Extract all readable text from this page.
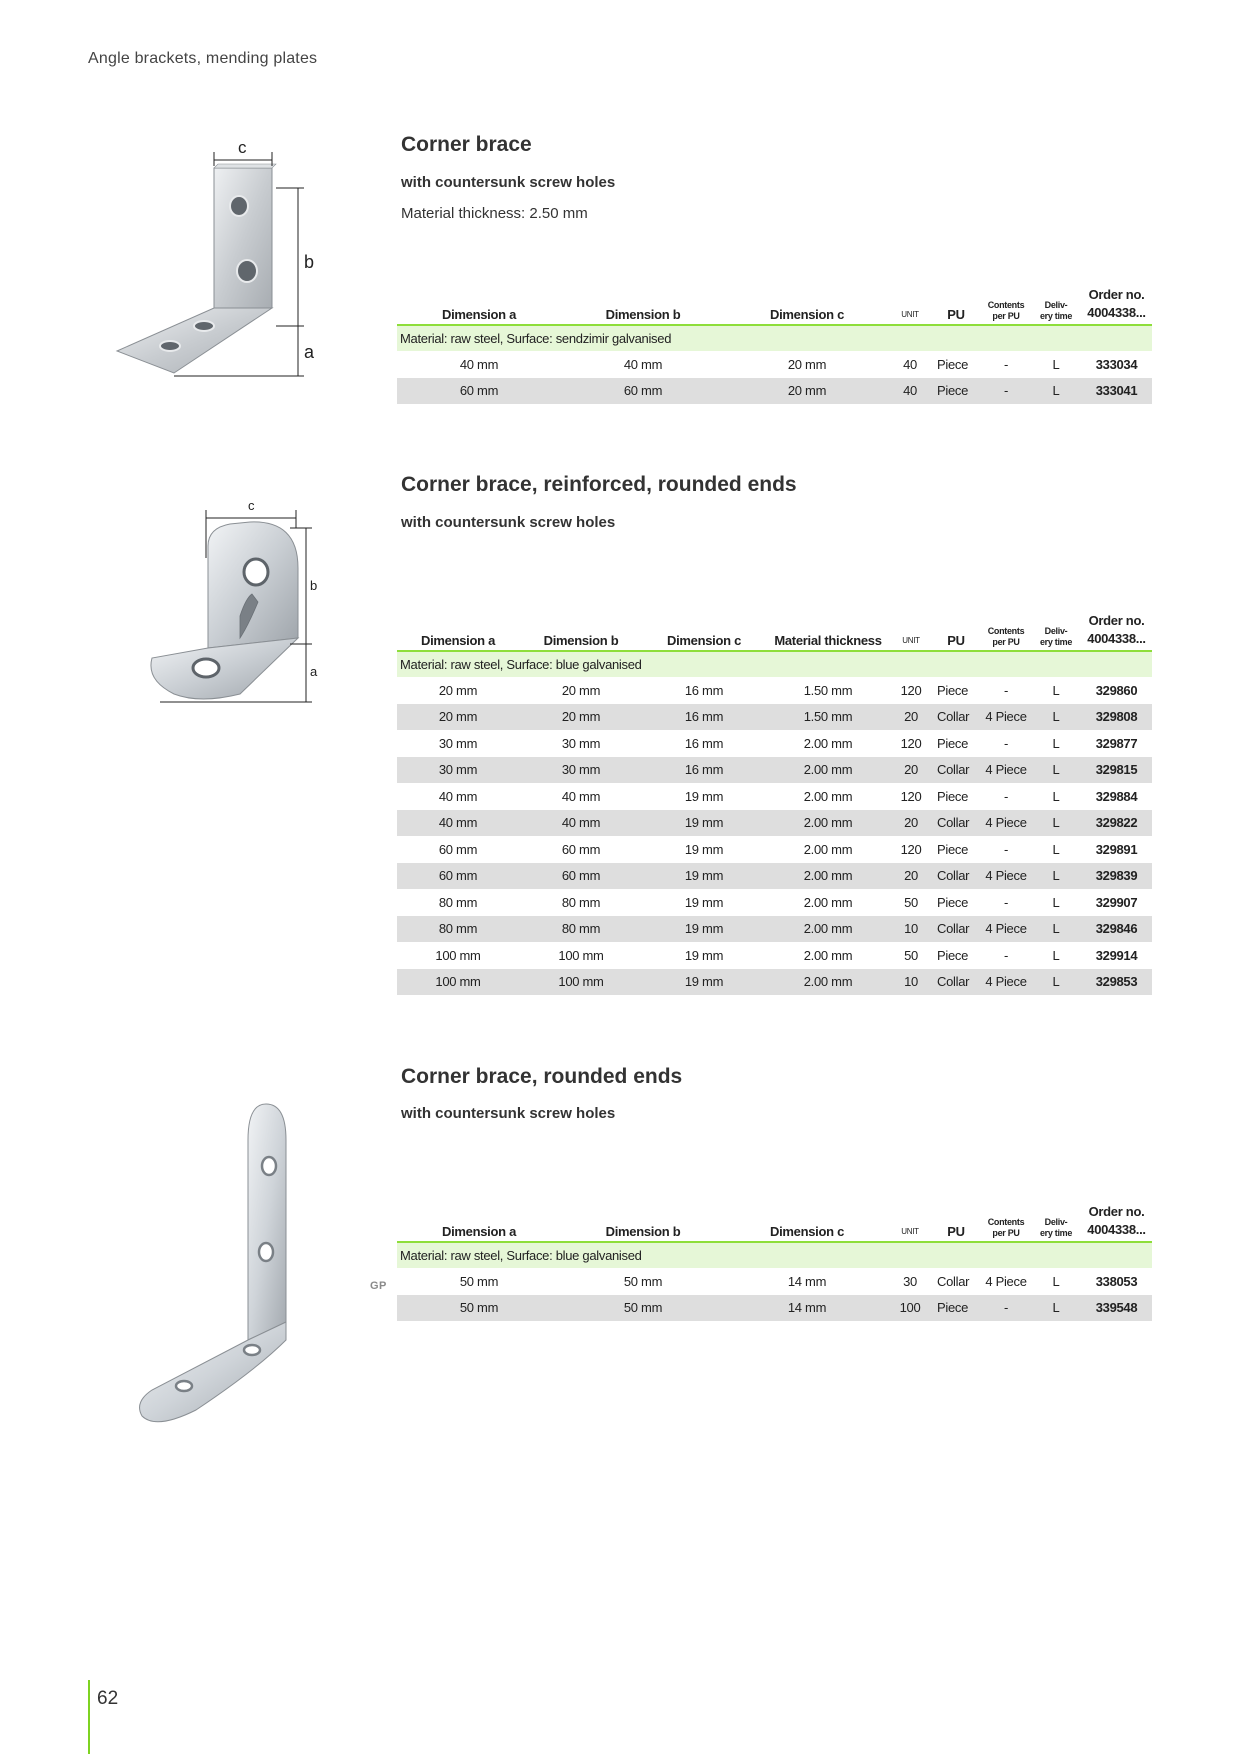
Angle brackets, mending plates
c
b
a
Corner brace
with countersunk screw holes
Material thickness: 2.50 mm
Dimension a	Dimension b	Dimension c	UNIT	PU	Contents
per PU	Deliv-
ery time	Order no.
4004338...
Material: raw steel, Surface: sendzimir galvanised							
40 mm	40 mm	20 mm	40	Piece	-	L	333034
60 mm	60 mm	20 mm	40	Piece	-	L	333041
c
b
a
Corner brace, reinforced, rounded ends
with countersunk screw holes
Dimension a	Dimension b	Dimension c	Material thickness	UNIT	PU	Contents
per PU	Deliv-
ery time	Order no.
4004338...
Material: raw steel, Surface: blue galvanised								
20 mm	20 mm	16 mm	1.50 mm	120	Piece	-	L	329860
20 mm	20 mm	16 mm	1.50 mm	20	Collar	4 Piece	L	329808
30 mm	30 mm	16 mm	2.00 mm	120	Piece	-	L	329877
30 mm	30 mm	16 mm	2.00 mm	20	Collar	4 Piece	L	329815
40 mm	40 mm	19 mm	2.00 mm	120	Piece	-	L	329884
40 mm	40 mm	19 mm	2.00 mm	20	Collar	4 Piece	L	329822
60 mm	60 mm	19 mm	2.00 mm	120	Piece	-	L	329891
60 mm	60 mm	19 mm	2.00 mm	20	Collar	4 Piece	L	329839
80 mm	80 mm	19 mm	2.00 mm	50	Piece	-	L	329907
80 mm	80 mm	19 mm	2.00 mm	10	Collar	4 Piece	L	329846
100 mm	100 mm	19 mm	2.00 mm	50	Piece	-	L	329914
100 mm	100 mm	19 mm	2.00 mm	10	Collar	4 Piece	L	329853
Corner brace, rounded ends
with countersunk screw holes
GP
Dimension a	Dimension b	Dimension c	UNIT	PU	Contents
per PU	Deliv-
ery time	Order no.
4004338...
Material: raw steel, Surface: blue galvanised							
50 mm	50 mm	14 mm	30	Collar	4 Piece	L	338053
50 mm	50 mm	14 mm	100	Piece	-	L	339548
62
